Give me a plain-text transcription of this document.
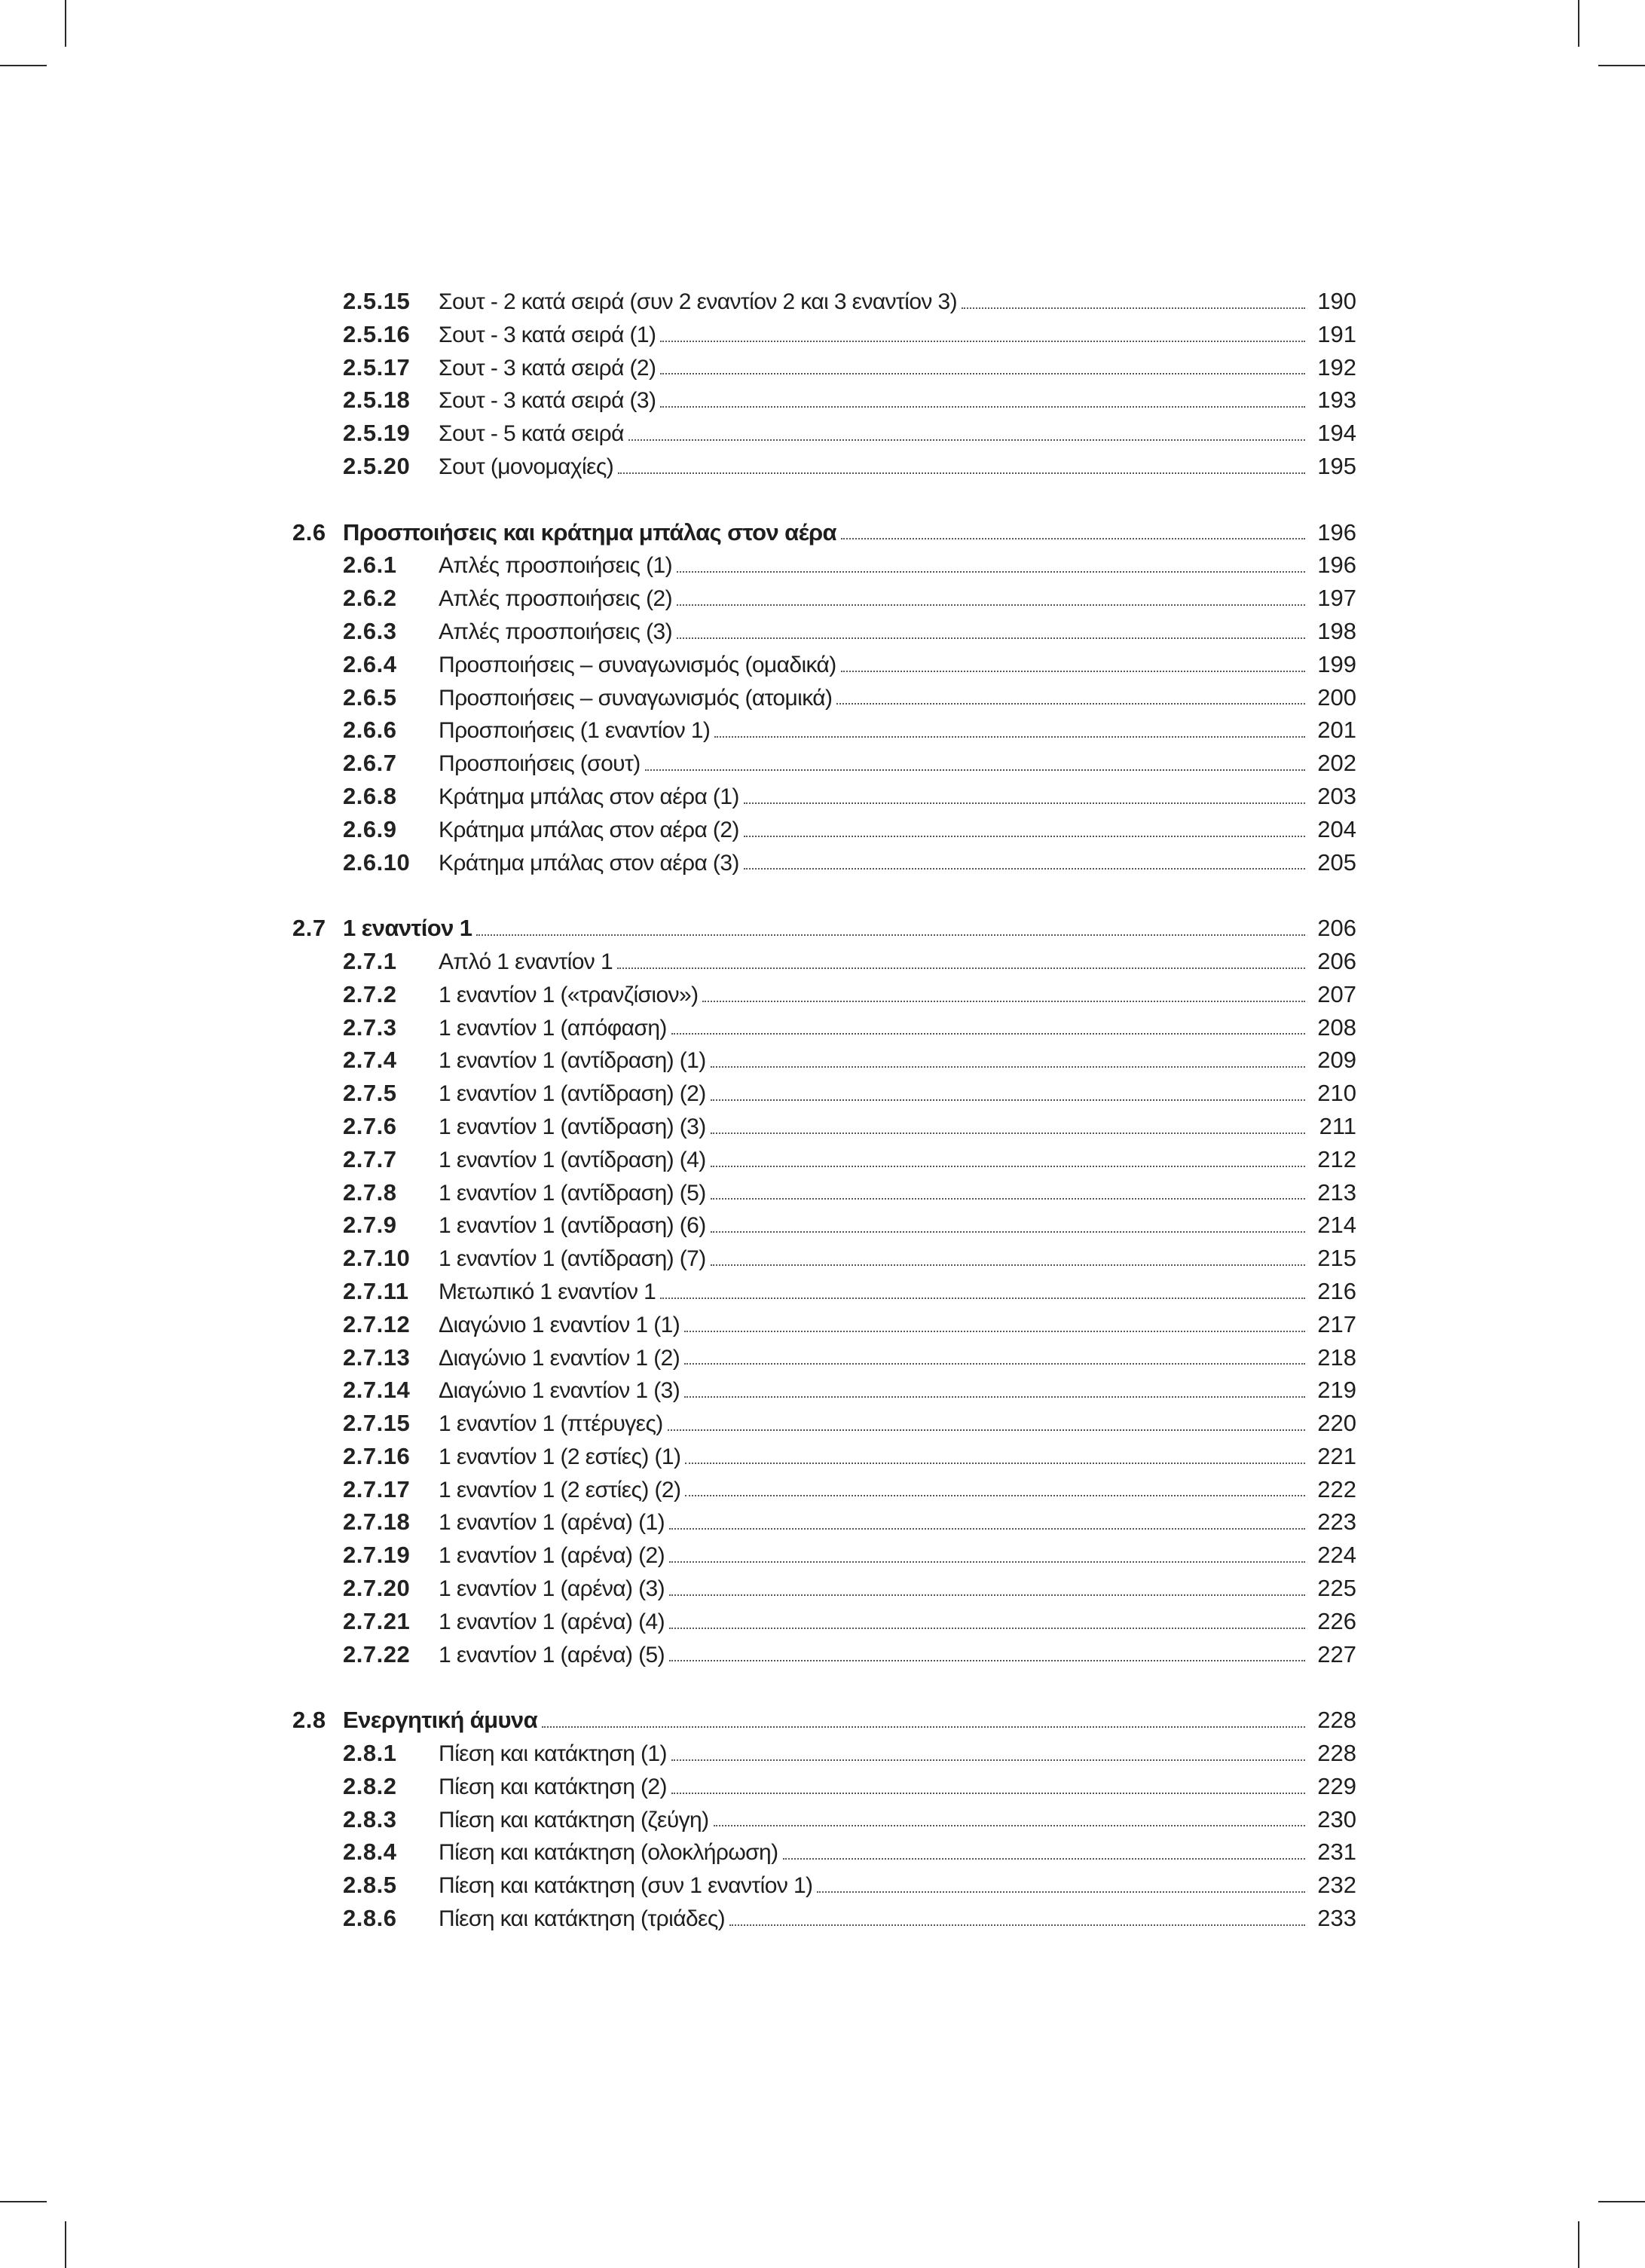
2.5.15	Σουτ - 2 κατά σειρά (συν 2 εναντίον 2 και 3 εναντίον 3)	190
2.5.16	Σουτ - 3 κατά σειρά (1)	191
2.5.17	Σουτ - 3 κατά σειρά (2)	192
2.5.18	Σουτ - 3 κατά σειρά (3)	193
2.5.19	Σουτ - 5 κατά σειρά	194
2.5.20	Σουτ (μονομαχίες)	195
2.6 Προσποιήσεις και κράτημα μπάλας στον αέρα	196
2.6.1	Απλές προσποιήσεις (1)	196
2.6.2	Απλές προσποιήσεις (2)	197
2.6.3	Απλές προσποιήσεις (3)	198
2.6.4	Προσποιήσεις – συναγωνισμός (ομαδικά)	199
2.6.5	Προσποιήσεις – συναγωνισμός (ατομικά)	200
2.6.6	Προσποιήσεις (1 εναντίον 1)	201
2.6.7	Προσποιήσεις (σουτ)	202
2.6.8	Κράτημα μπάλας στον αέρα (1)	203
2.6.9	Κράτημα μπάλας στον αέρα (2)	204
2.6.10	Κράτημα μπάλας στον αέρα (3)	205
2.7 1 εναντίον 1	206
2.7.1	Απλό 1 εναντίον 1	206
2.7.2	1 εναντίον 1 («τρανζίσιον»)	207
2.7.3	1 εναντίον 1 (απόφαση)	208
2.7.4	1 εναντίον 1 (αντίδραση) (1)	209
2.7.5	1 εναντίον 1 (αντίδραση) (2)	210
2.7.6	1 εναντίον 1 (αντίδραση) (3)	211
2.7.7	1 εναντίον 1 (αντίδραση) (4)	212
2.7.8	1 εναντίον 1 (αντίδραση) (5)	213
2.7.9	1 εναντίον 1 (αντίδραση) (6)	214
2.7.10	1 εναντίον 1 (αντίδραση) (7)	215
2.7.11	Μετωπικό 1 εναντίον 1	216
2.7.12	Διαγώνιο 1 εναντίον 1 (1)	217
2.7.13	Διαγώνιο 1 εναντίον 1 (2)	218
2.7.14	Διαγώνιο 1 εναντίον 1 (3)	219
2.7.15	1 εναντίον 1 (πτέρυγες)	220
2.7.16	1 εναντίον 1 (2 εστίες) (1)	221
2.7.17	1 εναντίον 1 (2 εστίες) (2)	222
2.7.18	1 εναντίον 1 (αρένα) (1)	223
2.7.19	1 εναντίον 1 (αρένα) (2)	224
2.7.20	1 εναντίον 1 (αρένα) (3)	225
2.7.21	1 εναντίον 1 (αρένα) (4)	226
2.7.22	1 εναντίον 1 (αρένα) (5)	227
2.8 Ενεργητική άμυνα	228
2.8.1	Πίεση και κατάκτηση (1)	228
2.8.2	Πίεση και κατάκτηση (2)	229
2.8.3	Πίεση και κατάκτηση (ζεύγη)	230
2.8.4	Πίεση και κατάκτηση (ολοκλήρωση)	231
2.8.5	Πίεση και κατάκτηση (συν 1 εναντίον 1)	232
2.8.6	Πίεση και κατάκτηση (τριάδες)	233
